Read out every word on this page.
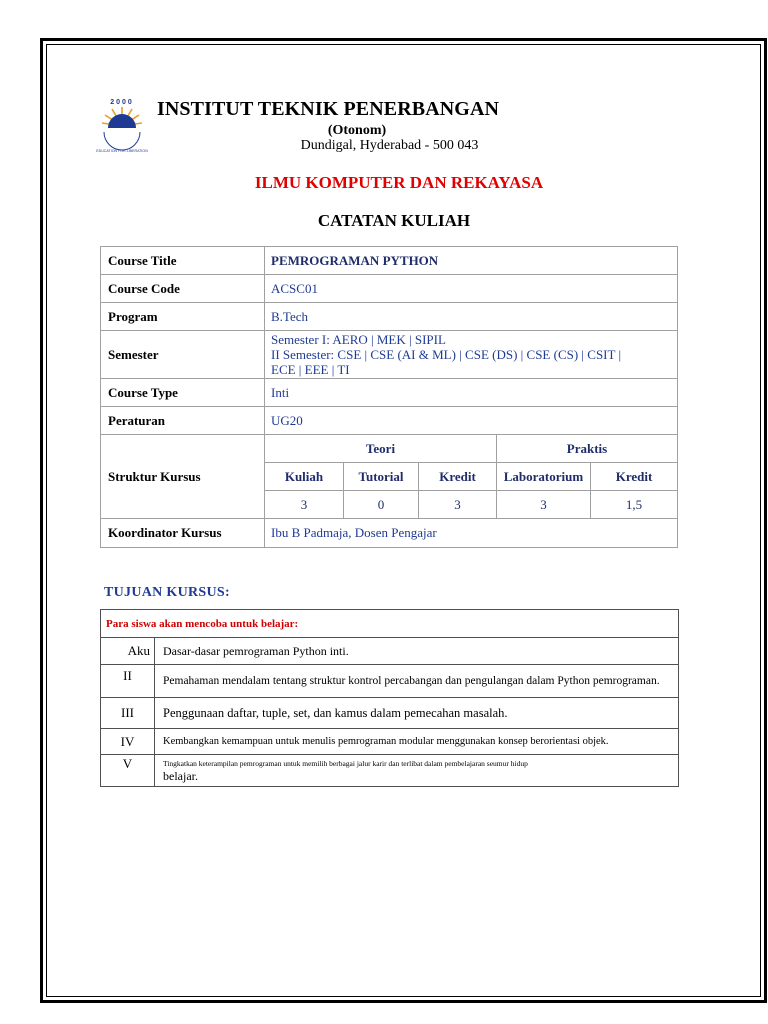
2000
IARE
EDUCATION FOR LIBERATION
INSTITUT TEKNIK PENERBANGAN
(Otonom)
Dundigal, Hyderabad - 500 043
ILMU KOMPUTER DAN REKAYASA
CATATAN KULIAH
Course Title	PEMROGRAMAN PYTHON				
Course Code	ACSC01				
Program	B.Tech				
Semester	Semester I: AERO | MEK | SIPIL
II Semester: CSE | CSE (AI & ML) | CSE (DS) | CSE (CS) | CSIT |
ECE | EEE | TI				

Course Type	Inti				
Peraturan	UG20				
Struktur Kursus	Teori			Praktis	
	Kuliah	Tutorial	Kredit	Laboratorium	Kredit
	3	0	3	3	1,5
Koordinator Kursus	Ibu B Padmaja, Dosen Pengajar				
TUJUAN KURSUS:
Para siswa akan mencoba untuk belajar:	
Aku	Dasar-dasar pemrograman Python inti.
II	Pemahaman mendalam tentang struktur kontrol percabangan dan pengulangan dalam Python pemrograman.
III	Penggunaan daftar, tuple, set, dan kamus dalam pemecahan masalah.
IV	Kembangkan kemampuan untuk menulis pemrograman modular menggunakan konsep berorientasi objek.
V	Tingkatkan keterampilan pemrograman untuk memilih berbagai jalur karir dan terlibat dalam pembelajaran seumur hidup
belajar.
